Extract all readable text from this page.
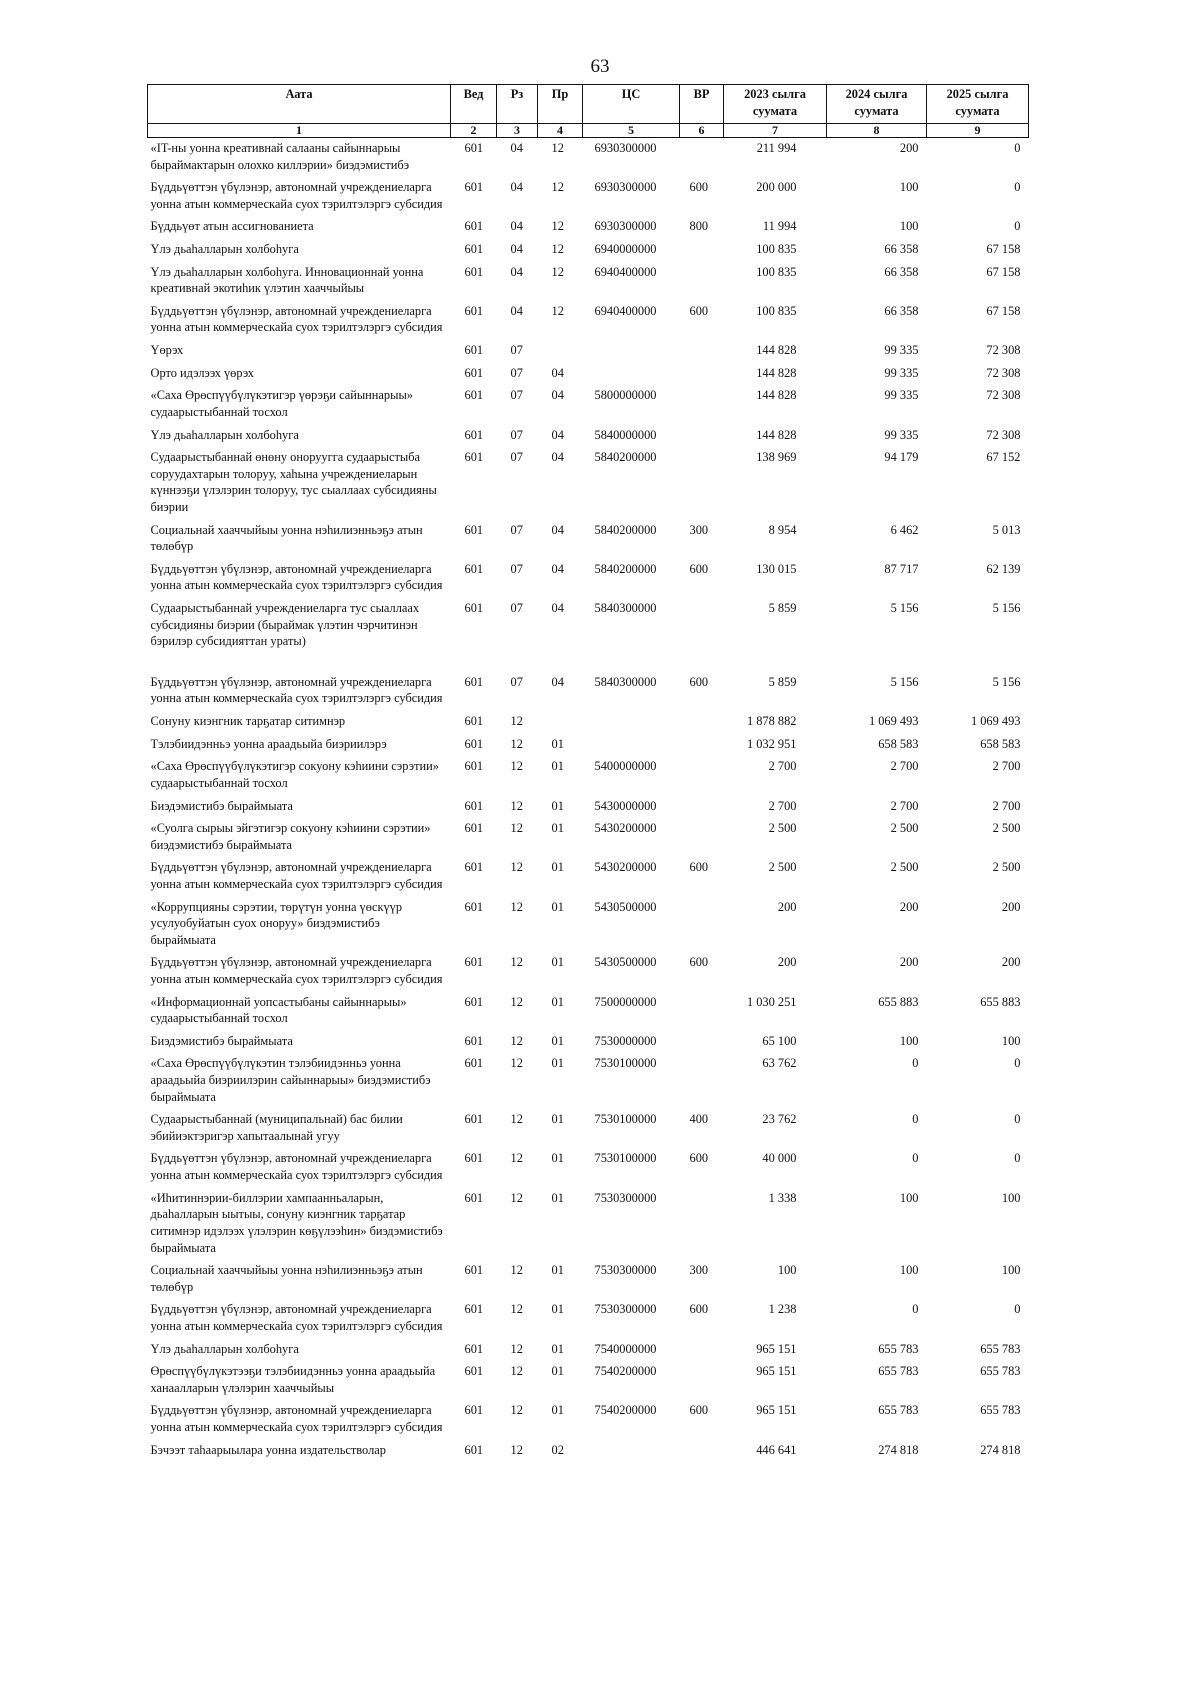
63
Аата	Вед	Рз	Пр	ЦС	ВР	2023 сылга суумата	2024 сылга суумата	2025 сылга суумата
1	2	3	4	5	6	7	8	9
«IT-ны уонна креативнай салааны сайыннарыы быраймактарын олохко киллэрии» биэдэмистибэ	601	04	12	6930300000		211 994	200	0
Бүддьүөттэн үбүлэнэр, автономнай учреждениеларга уонна атын коммерческайа суох тэрилтэлэргэ субсидия	601	04	12	6930300000	600	200 000	100	0
Бүддьүөт атын ассигнованиета	601	04	12	6930300000	800	11 994	100	0
Үлэ дьаһалларын холбоһуга	601	04	12	6940000000		100 835	66 358	67 158
Үлэ дьаһалларын холбоһуга. Инновационнай уонна креативнай экотиһик үлэтин хааччыйыы	601	04	12	6940400000		100 835	66 358	67 158
Бүддьүөттэн үбүлэнэр, автономнай учреждениеларга уонна атын коммерческайа суох тэрилтэлэргэ субсидия	601	04	12	6940400000	600	100 835	66 358	67 158
Үөрэх	601	07				144 828	99 335	72 308
Орто идэлээх үөрэх	601	07	04			144 828	99 335	72 308
«Саха Өрөспүүбүлүкэтигэр үөрэҕи сайыннарыы» судаарыстыбаннай тосхол	601	07	04	5800000000		144 828	99 335	72 308
Үлэ дьаһалларын холбоһуга	601	07	04	5840000000		144 828	99 335	72 308
Судаарыстыбаннай өнөну оноруугга судаарыстыба соруудахтарын толоруу, хаһына учреждениеларын күннээҕи үлэлэрин толоруу, тус сыаллаах субсидияны биэрии	601	07	04	5840200000		138 969	94 179	67 152
Социальнай хааччыйыы уонна нэһилиэнньэҕэ атын төлөбүр	601	07	04	5840200000	300	8 954	6 462	5 013
Бүддьүөттэн үбүлэнэр, автономнай учреждениеларга уонна атын коммерческайа суох тэрилтэлэргэ субсидия	601	07	04	5840200000	600	130 015	87 717	62 139
Судаарыстыбаннай учреждениеларга тус сыаллаах субсидияны биэрии (быраймак үлэтин чэрчитинэн бэрилэр субсидияттан ураты)	601	07	04	5840300000		5 859	5 156	5 156
Бүддьүөттэн үбүлэнэр, автономнай учреждениеларга уонна атын коммерческайа суох тэрилтэлэргэ субсидия	601	07	04	5840300000	600	5 859	5 156	5 156
Сонуну киэнгник тарҕатар ситимнэр	601	12				1 878 882	1 069 493	1 069 493
Тэлэбиидэнньэ уонна араадьыйа биэриилэрэ	601	12	01			1 032 951	658 583	658 583
«Саха Өрөспүүбүлүкэтигэр сокуону кэһиини сэрэтии» судаарыстыбаннай тосхол	601	12	01	5400000000		2 700	2 700	2 700
Биэдэмистибэ быраймыата	601	12	01	5430000000		2 700	2 700	2 700
«Суолга сырыы эйгэтигэр сокуону кэһиини сэрэтии» биэдэмистибэ быраймыата	601	12	01	5430200000		2 500	2 500	2 500
Бүддьүөттэн үбүлэнэр, автономнай учреждениеларга уонна атын коммерческайа суох тэрилтэлэргэ субсидия	601	12	01	5430200000	600	2 500	2 500	2 500
«Коррупцияны сэрэтии, төрүтүн уонна үөскүүр усулуобуйатын суох оноруу» биэдэмистибэ быраймыата	601	12	01	5430500000		200	200	200
Бүддьүөттэн үбүлэнэр, автономнай учреждениеларга уонна атын коммерческайа суох тэрилтэлэргэ субсидия	601	12	01	5430500000	600	200	200	200
«Информационнай уопсастыбаны сайыннарыы» судаарыстыбаннай тосхол	601	12	01	7500000000		1 030 251	655 883	655 883
Биэдэмистибэ быраймыата	601	12	01	7530000000		65 100	100	100
«Саха Өрөспүүбүлүкэтин тэлэбиидэнньэ уонна араадьыйа биэриилэрин сайыннарыы» биэдэмистибэ быраймыата	601	12	01	7530100000		63 762	0	0
Судаарыстыбаннай (муниципальнай) бас билии эбийиэктэригэр хапытаалынай угуу	601	12	01	7530100000	400	23 762	0	0
Бүддьүөттэн үбүлэнэр, автономнай учреждениеларга уонна атын коммерческайа суох тэрилтэлэргэ субсидия	601	12	01	7530100000	600	40 000	0	0
«Иһитиннэрии-биллэрии хампаанньаларын, дьаһалларын ыытыы, сонуну киэнгник тарҕатар ситимнэр идэлээх үлэлэрин көҕүлээһин» биэдэмистибэ быраймыата	601	12	01	7530300000		1 338	100	100
Социальнай хааччыйыы уонна нэһилиэнньэҕэ атын төлөбүр	601	12	01	7530300000	300	100	100	100
Бүддьүөттэн үбүлэнэр, автономнай учреждениеларга уонна атын коммерческайа суох тэрилтэлэргэ субсидия	601	12	01	7530300000	600	1 238	0	0
Үлэ дьаһалларын холбоһуга	601	12	01	7540000000		965 151	655 783	655 783
Өрөспүүбүлүкэтээҕи тэлэбиидэнньэ уонна араадьыйа ханаалларын үлэлэрин хааччыйыы	601	12	01	7540200000		965 151	655 783	655 783
Бүддьүөттэн үбүлэнэр, автономнай учреждениеларга уонна атын коммерческайа суох тэрилтэлэргэ субсидия	601	12	01	7540200000	600	965 151	655 783	655 783
Бэчээт таһаарыылара уонна издательстволар	601	12	02			446 641	274 818	274 818
